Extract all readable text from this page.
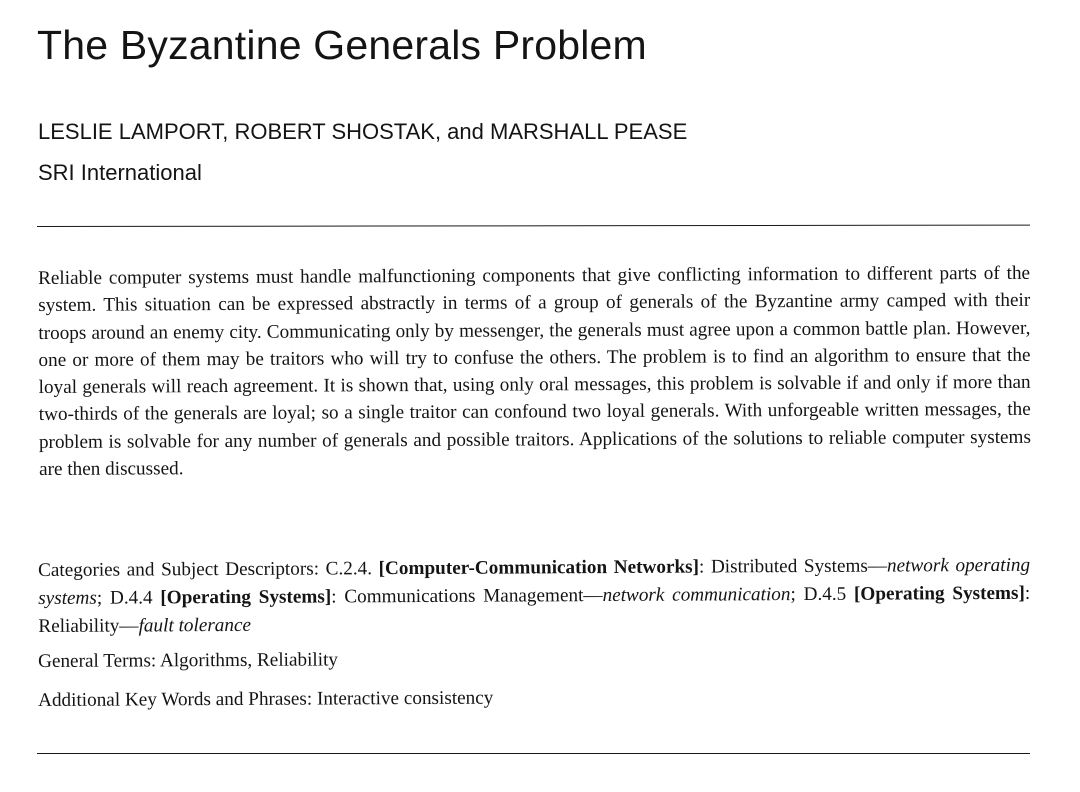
The Byzantine Generals Problem

LESLIE LAMPORT, ROBERT SHOSTAK, and MARSHALL PEASE

SRI International

Reliable computer systems must handle malfunctioning components that give conflicting information to different parts of the system. This situation can be expressed abstractly in terms of a group of generals of the Byzantine army camped with their troops around an enemy city. Communicating only by messenger, the generals must agree upon a common battle plan. However, one or more of them may be traitors who will try to confuse the others. The problem is to find an algorithm to ensure that the loyal generals will reach agreement. It is shown that, using only oral messages, this problem is solvable if and only if more than two-thirds of the generals are loyal; so a single traitor can confound two loyal generals. With unforgeable written messages, the problem is solvable for any number of generals and possible traitors. Applications of the solutions to reliable computer systems are then discussed.

Categories and Subject Descriptors: C.2.4. [Computer-Communication Networks]: Distributed Systems—network operating systems; D.4.4 [Operating Systems]: Communications Management—network communication; D.4.5 [Operating Systems]: Reliability—fault tolerance

General Terms: Algorithms, Reliability

Additional Key Words and Phrases: Interactive consistency
